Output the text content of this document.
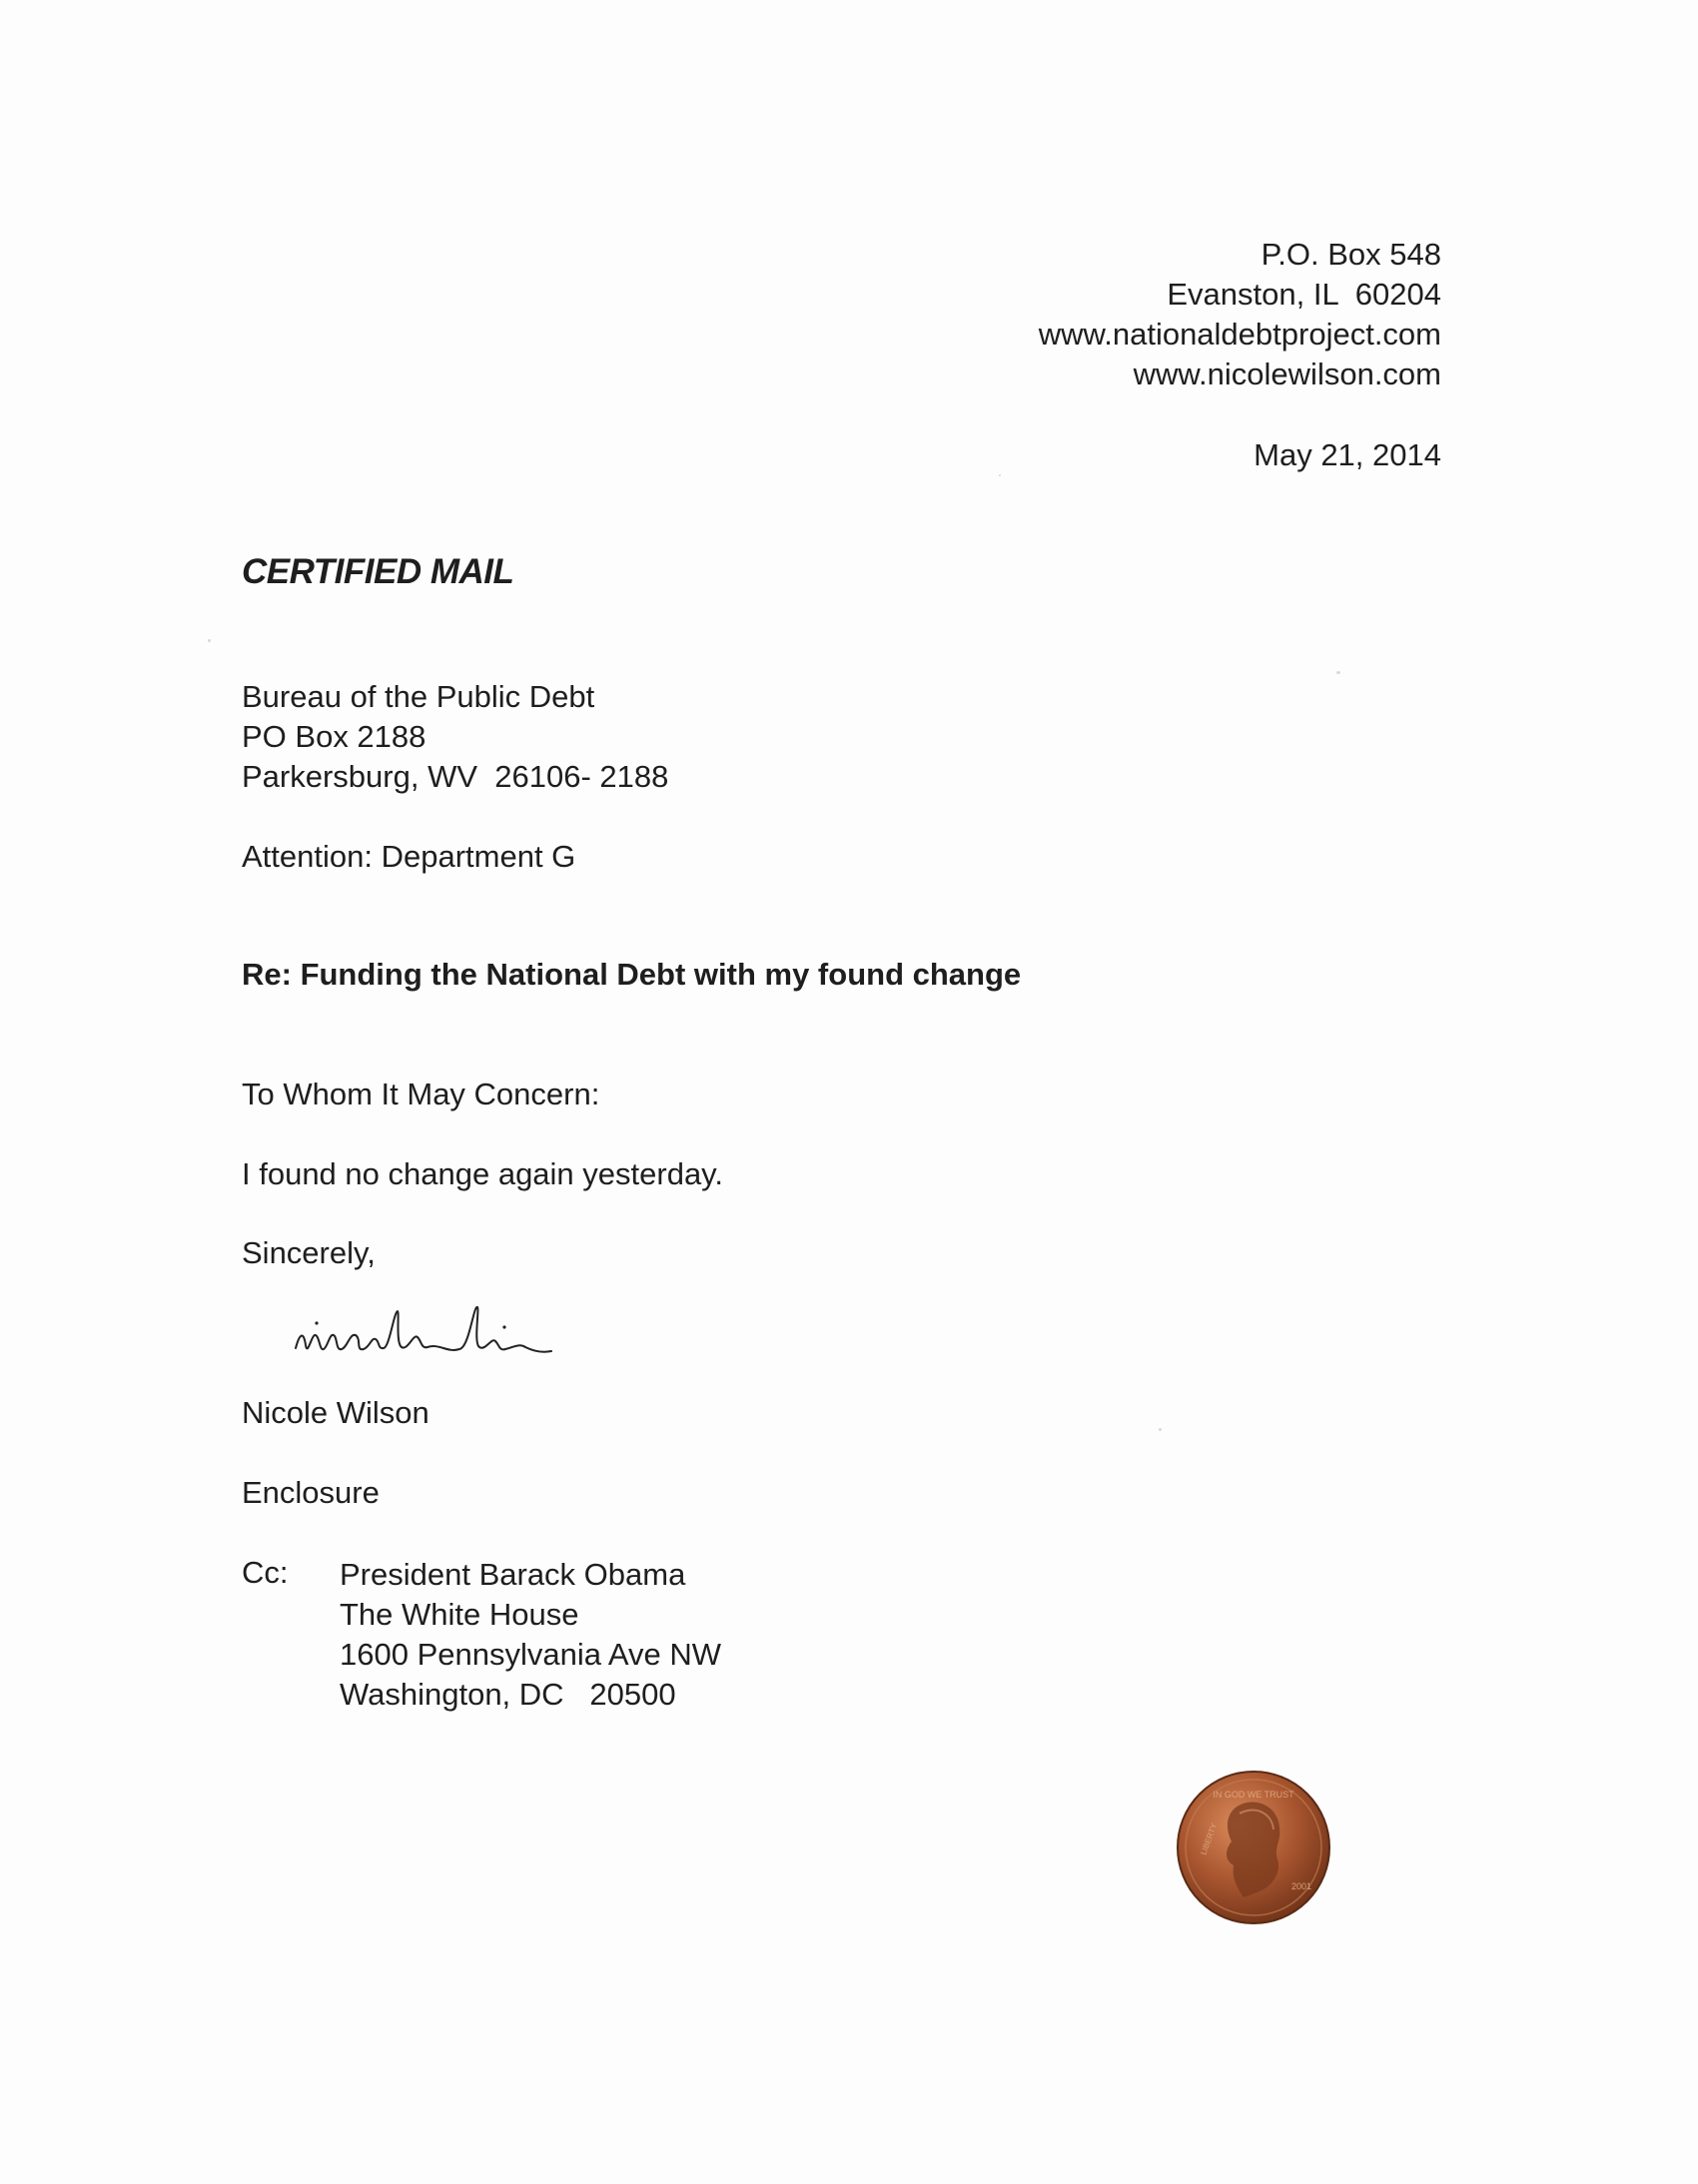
P.O. Box 548
Evanston, IL  60204
www.nationaldebtproject.com
www.nicolewilson.com
May 21, 2014
CERTIFIED MAIL
Bureau of the Public Debt
PO Box 2188
Parkersburg, WV  26106- 2188
Attention: Department G
Re: Funding the National Debt with my found change
To Whom It May Concern:
I found no change again yesterday.
Sincerely,
Nicole Wilson
Enclosure
Cc: President Barack Obama
The White House
1600 Pennsylvania Ave NW
Washington, DC   20500
IN GOD WE TRUST
LIBERTY
2001
